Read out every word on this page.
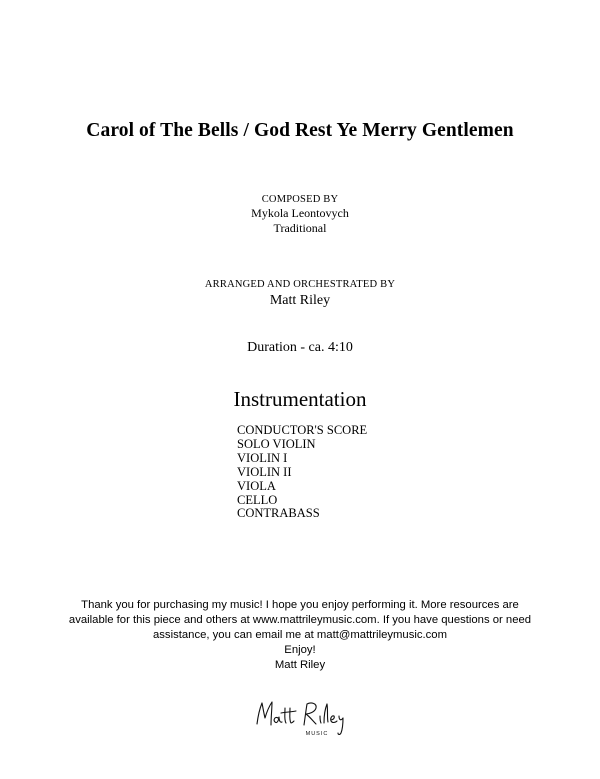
Carol of The Bells / God Rest Ye Merry Gentlemen
COMPOSED BY
Mykola Leontovych
Traditional
ARRANGED AND ORCHESTRATED BY
Matt Riley
Duration - ca. 4:10
Instrumentation
CONDUCTOR'S SCORE
SOLO VIOLIN
VIOLIN I
VIOLIN II
VIOLA
CELLO
CONTRABASS
Thank you for purchasing my music! I hope you enjoy performing it. More resources are
available for this piece and others at www.mattrileymusic.com. If you have questions or need
assistance, you can email me at matt@mattrileymusic.com
Enjoy!
Matt Riley
MUSIC
